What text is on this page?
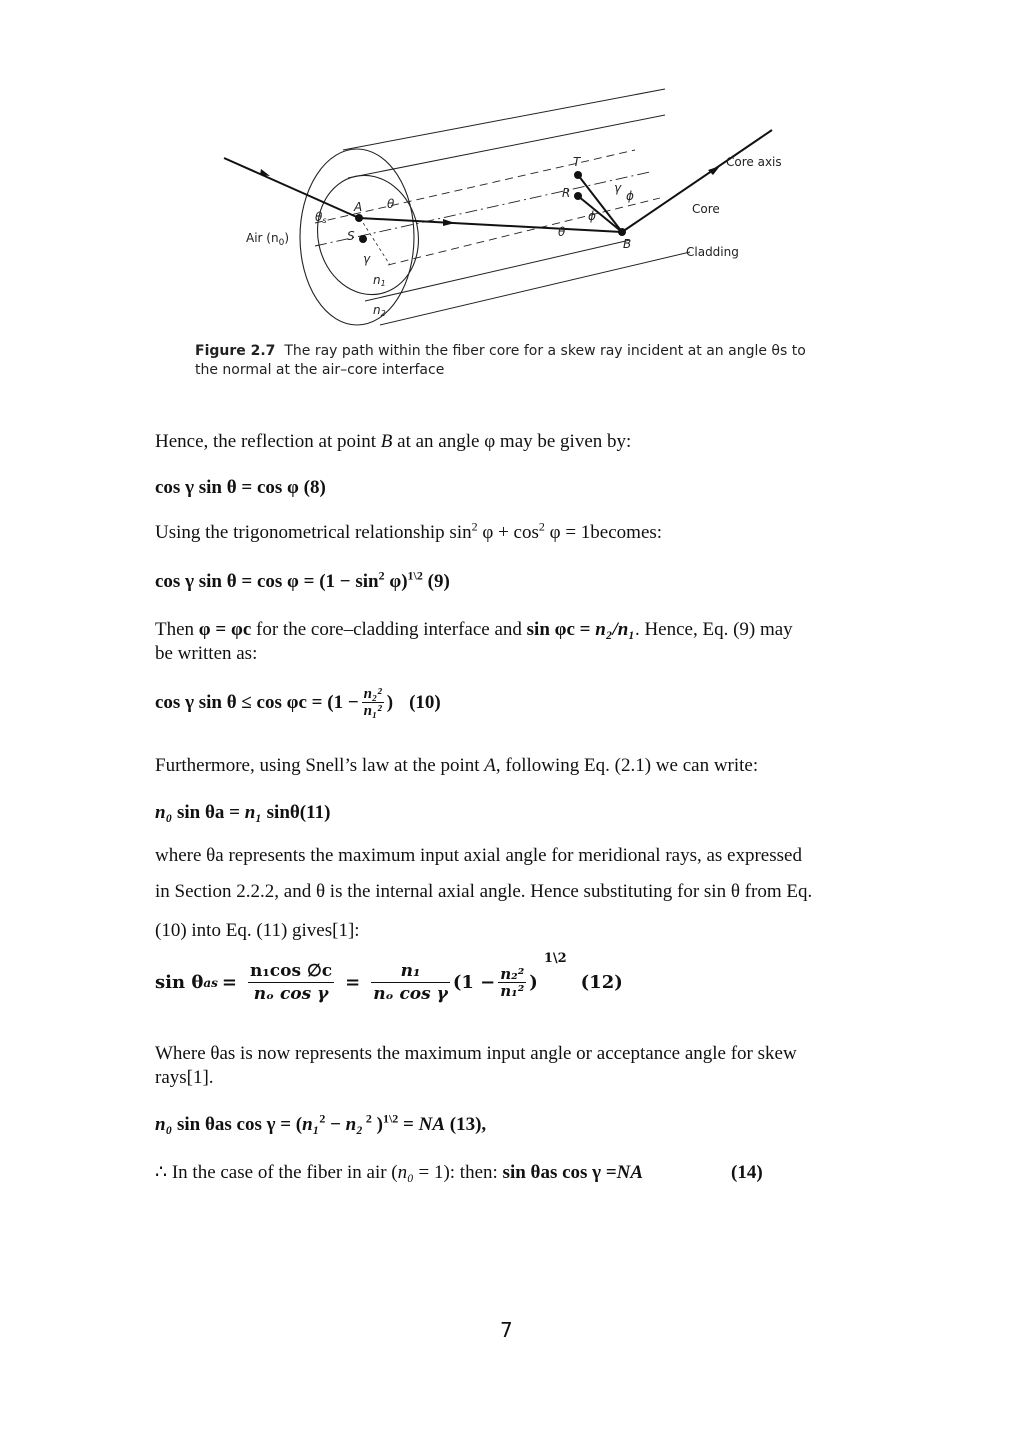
Air $(n_0)$
A
S
T
R
B
θs
θ
θ
γ
γ
ϕ
ϕ
n1
n2
Core axis
Core
Cladding
Figure 2.7 The ray path within the fiber core for a skew ray incident at an angle θs to
the normal at the air–core interface
Hence, the reflection at point B at an angle φ may be given by:
cos γ sin θ = cos φ (8)
Using the trigonometrical relationship $\sin^2 \varphi + \cos^2 \varphi$ = 1becomes:
cos γ $\sin \theta = \cos \varphi = (1 - \sin^2 \varphi)^{1\backslash 2}$ (9)
Then φ = φc for the core–cladding interface and sin φc = n₂/n₁. Hence, Eq. (9) may
be written as:
cos γ $\sin \theta \le \cos \varphi c = (1 - \frac{\text{n₂²}}{\text{n₁²}}$ ) (10)
Furthermore, using Snell’s law at the point A, following Eq. (2.1) we can write:
n₀ sin θa = n₁ sinθ(11)
where θa represents the maximum input axial angle for meridional rays, as expressed
in Section 2.2.2, and θ is the internal axial angle. Hence substituting for sin θ from Eq.
(10) into Eq. (11) gives[1]:
sin θ as = $\frac{\text{n₁cos ∅c}}{\text{nₒ cos γ}} = \frac{\text{n₁}}{\text{nₒ cos γ}} (1 - \frac{\text{n₂²}}{\text{n₁²}}$ )
1\2
(12)
Where θas is now represents the maximum input angle or acceptance angle for skew
rays[1].
n₀ sin θas cos γ = (n₁$^2$ − n₂ $^2$ )$^{1\backslash 2}$ = NA (13),
∴ In the case of the fiber in air (n₀ = 1): then: sin θas cos γ =NA	(14)
7
